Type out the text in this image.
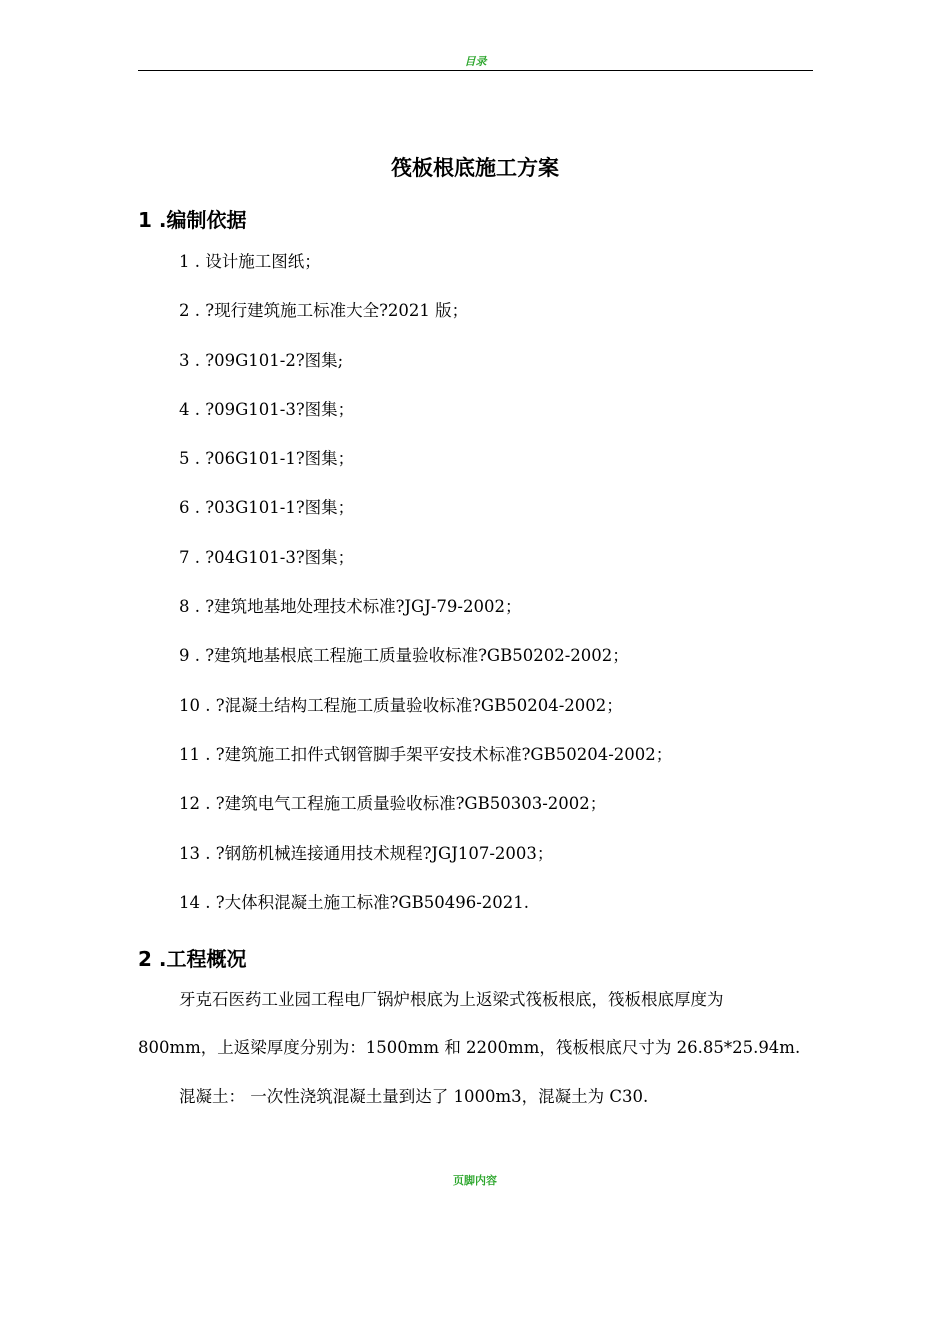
目录
筏板根底施工方案
1 .编制依据
1 . 设计施工图纸；
2 . ?现行建筑施工标准大全?2021 版；
3 . ?09G101-2?图集;
4 . ?09G101-3?图集；
5 . ?06G101-1?图集；
6 . ?03G101-1?图集；
7 . ?04G101-3?图集；
8 . ?建筑地基地处理技术标准?JGJ-79-2002；
9 . ?建筑地基根底工程施工质量验收标准?GB50202-2002；
10 . ?混凝土结构工程施工质量验收标准?GB50204-2002；
11 . ?建筑施工扣件式钢管脚手架平安技术标准?GB50204-2002；
12 . ?建筑电气工程施工质量验收标准?GB50303-2002；
13 . ?钢筋机械连接通用技术规程?JGJ107-2003；
14 . ?大体积混凝土施工标准?GB50496-2021.
2 .工程概况
牙克石医药工业园工程电厂锅炉根底为上返梁式筏板根底，筏板根底厚度为
800mm，上返梁厚度分别为：1500mm 和 2200mm，筏板根底尺寸为 26.85*25.94m.
混凝土： 一次性浇筑混凝土量到达了 1000m3，混凝土为 C30.
页脚内容
